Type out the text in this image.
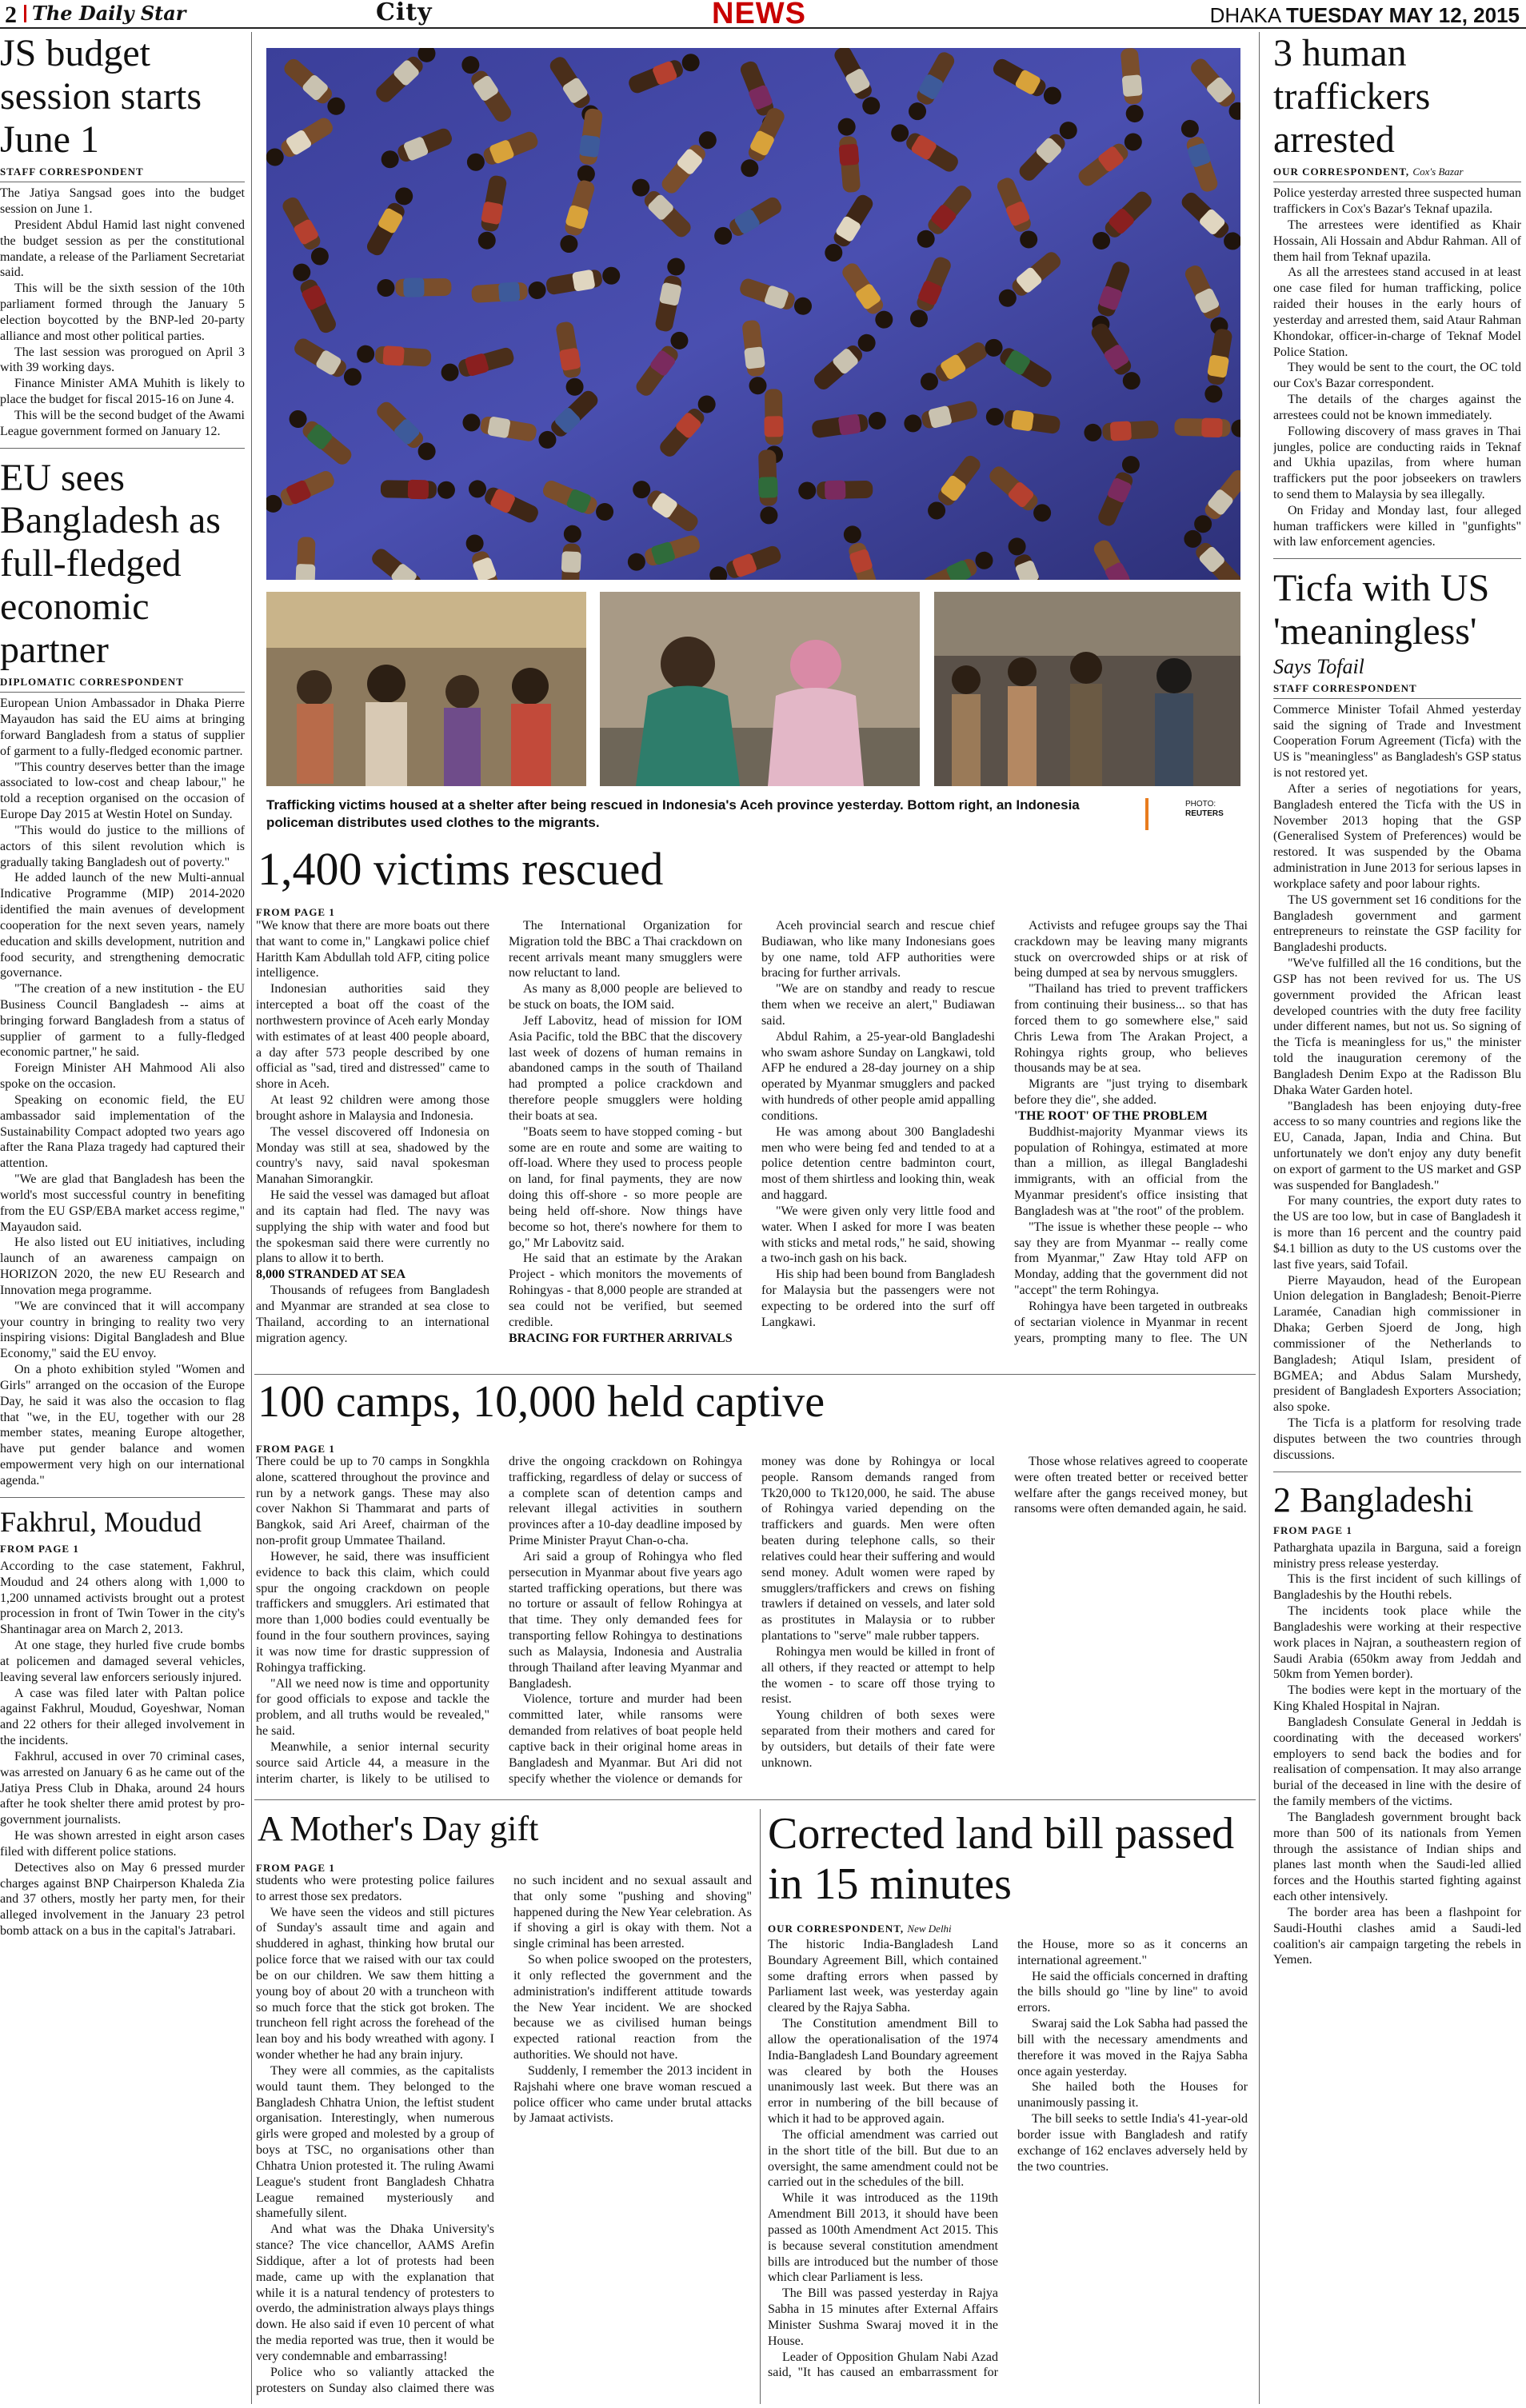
2 The Daily Star	City	NEWS	DHAKA TUESDAY MAY 12, 2015
JS budget session starts June 1
STAFF CORRESPONDENT

The Jatiya Sangsad goes into the budget session on June 1.

President Abdul Hamid last night convened the budget session as per the constitutional mandate, a release of the Parliament Secretariat said.

This will be the sixth session of the 10th parliament formed through the January 5 election boycotted by the BNP-led 20-party alliance and most other political parties.

The last session was prorogued on April 3 with 39 working days.

Finance Minister AMA Muhith is likely to place the budget for fiscal 2015-16 on June 4.

This will be the second budget of the Awami League government formed on January 12.

EU sees Bangladesh as full-fledged economic partner
DIPLOMATIC CORRESPONDENT

European Union Ambassador in Dhaka Pierre Mayaudon has said the EU aims at bringing forward Bangladesh from a status of supplier of garment to a fully-fledged economic partner.

"This country deserves better than the image associated to low-cost and cheap labour," he told a reception organised on the occasion of Europe Day 2015 at Westin Hotel on Sunday.

"This would do justice to the millions of actors of this silent revolution which is gradually taking Bangladesh out of poverty."

He added launch of the new Multi-annual Indicative Programme (MIP) 2014-2020 identified the main avenues of development cooperation for the next seven years, namely education and skills development, nutrition and food security, and strengthening democratic governance.

"The creation of a new institution - the EU Business Council Bangladesh -- aims at bringing forward Bangladesh from a status of supplier of garment to a fully-fledged economic partner," he said.

Foreign Minister AH Mahmood Ali also spoke on the occasion.

Speaking on economic field, the EU ambassador said implementation of the Sustainability Compact adopted two years ago after the Rana Plaza tragedy had captured their attention.

"We are glad that Bangladesh has been the world's most successful country in benefiting from the EU GSP/EBA market access regime," Mayaudon said.

He also listed out EU initiatives, including launch of an awareness campaign on HORIZON 2020, the new EU Research and Innovation mega programme.

"We are convinced that it will accompany your country in bringing to reality two very inspiring visions: Digital Bangladesh and Blue Economy," said the EU envoy.

On a photo exhibition styled "Women and Girls" arranged on the occasion of the Europe Day, he said it was also the occasion to flag that "we, in the EU, together with our 28 member states, meaning Europe altogether, have put gender balance and women empowerment very high on our international agenda."

Fakhrul, Moudud
FROM PAGE 1

According to the case statement, Fakhrul, Moudud and 24 others along with 1,000 to 1,200 unnamed activists brought out a protest procession in front of Twin Tower in the city's Shantinagar area on March 2, 2013.

At one stage, they hurled five crude bombs at policemen and damaged several vehicles, leaving several law enforcers seriously injured.

A case was filed later with Paltan police against Fakhrul, Moudud, Goyeshwar, Noman and 22 others for their alleged involvement in the incidents.

Fakhrul, accused in over 70 criminal cases, was arrested on January 6 as he came out of the Jatiya Press Club in Dhaka, around 24 hours after he took shelter there amid protest by pro-government journalists.

He was shown arrested in eight arson cases filed with different police stations.

Detectives also on May 6 pressed murder charges against BNP Chairperson Khaleda Zia and 37 others, mostly her party men, for their alleged involvement in the January 23 petrol bomb attack on a bus in the capital's Jatrabari.

Trafficking victims housed at a shelter after being rescued in Indonesia's Aceh province yesterday. Bottom right, an Indonesia policeman distributes used clothes to the migrants.
PHOTO:
REUTERS
1,400 victims rescued
FROM PAGE 1

"We know that there are more boats out there that want to come in," Langkawi police chief Haritth Kam Abdullah told AFP, citing police intelligence.

Indonesian authorities said they intercepted a boat off the coast of the northwestern province of Aceh early Monday with estimates of at least 400 people aboard, a day after 573 people described by one official as "sad, tired and distressed" came to shore in Aceh.

At least 92 children were among those brought ashore in Malaysia and Indonesia.

The vessel discovered off Indonesia on Monday was still at sea, shadowed by the country's navy, said naval spokesman Manahan Simorangkir.

He said the vessel was damaged but afloat and its captain had fled. The navy was supplying the ship with water and food but the spokesman said there were currently no plans to allow it to berth.

8,000 STRANDED AT SEA

Thousands of refugees from Bangladesh and Myanmar are stranded at sea close to Thailand, according to an international migration agency.

The International Organization for Migration told the BBC a Thai crackdown on recent arrivals meant many smugglers were now reluctant to land.

As many as 8,000 people are believed to be stuck on boats, the IOM said.

Jeff Labovitz, head of mission for IOM Asia Pacific, told the BBC that the discovery last week of dozens of human remains in abandoned camps in the south of Thailand had prompted a police crackdown and therefore people smugglers were holding their boats at sea.

"Boats seem to have stopped coming - but some are en route and some are waiting to off-load. Where they used to process people on land, for final payments, they are now doing this off-shore - so more people are being held off-shore. Now things have become so hot, there's nowhere for them to go," Mr Labovitz said.

He said that an estimate by the Arakan Project - which monitors the movements of Rohingyas - that 8,000 people are stranded at sea could not be verified, but seemed credible.

BRACING FOR FURTHER ARRIVALS

Aceh provincial search and rescue chief Budiawan, who like many Indonesians goes by one name, told AFP authorities were bracing for further arrivals.

"We are on standby and ready to rescue them when we receive an alert," Budiawan said.

Abdul Rahim, a 25-year-old Bangladeshi who swam ashore Sunday on Langkawi, told AFP he endured a 28-day journey on a ship operated by Myanmar smugglers and packed with hundreds of other people amid appalling conditions.

He was among about 300 Bangladeshi men who were being fed and tended to at a police detention centre badminton court, most of them shirtless and looking thin, weak and haggard.

"We were given only very little food and water. When I asked for more I was beaten with sticks and metal rods," he said, showing a two-inch gash on his back.

His ship had been bound from Bangladesh for Malaysia but the passengers were not expecting to be ordered into the surf off Langkawi.

Activists and refugee groups say the Thai crackdown may be leaving many migrants stuck on overcrowded ships or at risk of being dumped at sea by nervous smugglers.

"Thailand has tried to prevent traffickers from continuing their business... so that has forced them to go somewhere else," said Chris Lewa from The Arakan Project, a Rohingya rights group, who believes thousands may be at sea.

Migrants are "just trying to disembark before they die", she added.

'THE ROOT' OF THE PROBLEM

Buddhist-majority Myanmar views its population of Rohingya, estimated at more than a million, as illegal Bangladeshi immigrants, with an official from the Myanmar president's office insisting that Bangladesh was at "the root" of the problem.

"The issue is whether these people -- who say they are from Myanmar -- really come from Myanmar," Zaw Htay told AFP on Monday, adding that the government did not "accept" the term Rohingya.

Rohingya have been targeted in outbreaks of sectarian violence in Myanmar in recent years, prompting many to flee. The UN

100 camps, 10,000 held captive
FROM PAGE 1

There could be up to 70 camps in Songkhla alone, scattered throughout the province and run by a network gangs. These may also cover Nakhon Si Thammarat and parts of Bangkok, said Ari Areef, chairman of the non-profit group Ummatee Thailand.

However, he said, there was insufficient evidence to back this claim, which could spur the ongoing crackdown on people traffickers and smugglers. Ari estimated that more than 1,000 bodies could eventually be found in the four southern provinces, saying it was now time for drastic suppression of Rohingya trafficking.

"All we need now is time and opportunity for good officials to expose and tackle the problem, and all truths would be revealed," he said.

Meanwhile, a senior internal security source said Article 44, a measure in the interim charter, is likely to be utilised to drive the ongoing crackdown on Rohingya trafficking, regardless of delay or success of a complete scan of detention camps and relevant illegal activities in southern provinces after a 10-day deadline imposed by Prime Minister Prayut Chan-o-cha.

Ari said a group of Rohingya who fled persecution in Myanmar about five years ago started trafficking operations, but there was no torture or assault of fellow Rohingya at that time. They only demanded fees for transporting fellow Rohingya to destinations such as Malaysia, Indonesia and Australia through Thailand after leaving Myanmar and Bangladesh.

Violence, torture and murder had been committed later, while ransoms were demanded from relatives of boat people held captive back in their original home areas in Bangladesh and Myanmar. But Ari did not specify whether the violence or demands for money was done by Rohingya or local people. Ransom demands ranged from Tk20,000 to Tk120,000, he said. The abuse of Rohingya varied depending on the traffickers and guards. Men were often beaten during telephone calls, so their relatives could hear their suffering and would send money. Adult women were raped by smugglers/traffickers and crews on fishing trawlers if detained on vessels, and later sold as prostitutes in Malaysia or to rubber plantations to "serve" male rubber tappers.

Rohingya men would be killed in front of all others, if they reacted or attempt to help the women - to scare off those trying to resist.

Young children of both sexes were separated from their mothers and cared for by outsiders, but details of their fate were unknown.

Those whose relatives agreed to cooperate were often treated better or received better welfare after the gangs received money, but ransoms were often demanded again, he said.

A Mother's Day gift
FROM PAGE 1

students who were protesting police failures to arrest those sex predators.

We have seen the videos and still pictures of Sunday's assault time and again and shuddered in aghast, thinking how brutal our police force that we raised with our tax could be on our children. We saw them hitting a young boy of about 20 with a truncheon with so much force that the stick got broken. The truncheon fell right across the forehead of the lean boy and his body wreathed with agony. I wonder whether he had any brain injury.

They were all commies, as the capitalists would taunt them. They belonged to the Bangladesh Chhatra Union, the leftist student organisation. Interestingly, when numerous girls were groped and molested by a group of boys at TSC, no organisations other than Chhatra Union protested it. The ruling Awami League's student front Bangladesh Chhatra League remained mysteriously and shamefully silent.

And what was the Dhaka University's stance? The vice chancellor, AAMS Arefin Siddique, after a lot of protests had been made, came up with the explanation that while it is a natural tendency of protesters to overdo, the administration always plays things down. He also said if even 10 percent of what the media reported was true, then it would be very condemnable and embarrassing!

Police who so valiantly attacked the protesters on Sunday also claimed there was no such incident and no sexual assault and that only some "pushing and shoving" happened during the New Year celebration. As if shoving a girl is okay with them. Not a single criminal has been arrested.

So when police swooped on the protesters, it only reflected the government and the administration's indifferent attitude towards the New Year incident. We are shocked because we as civilised human beings expected rational reaction from the authorities. We should not have.

Suddenly, I remember the 2013 incident in Rajshahi where one brave woman rescued a police officer who came under brutal attacks by Jamaat activists.

Corrected land bill passed in 15 minutes
OUR CORRESPONDENT, New Delhi

The historic India-Bangladesh Land Boundary Agreement Bill, which contained some drafting errors when passed by Parliament last week, was yesterday again cleared by the Rajya Sabha.

The Constitution amendment Bill to allow the operationalisation of the 1974 India-Bangladesh Land Boundary agreement was cleared by both the Houses unanimously last week. But there was an error in numbering of the bill because of which it had to be approved again.

The official amendment was carried out in the short title of the bill. But due to an oversight, the same amendment could not be carried out in the schedules of the bill.

While it was introduced as the 119th Amendment Bill 2013, it should have been passed as 100th Amendment Act 2015. This is because several constitution amendment bills are introduced but the number of those which clear Parliament is less.

The Bill was passed yesterday in Rajya Sabha in 15 minutes after External Affairs Minister Sushma Swaraj moved it in the House.

Leader of Opposition Ghulam Nabi Azad said, "It has caused an embarrassment for the House, more so as it concerns an international agreement."

He said the officials concerned in drafting the bills should go "line by line" to avoid errors.

Swaraj said the Lok Sabha had passed the bill with the necessary amendments and therefore it was moved in the Rajya Sabha once again yesterday.

She hailed both the Houses for unanimously passing it.

The bill seeks to settle India's 41-year-old border issue with Bangladesh and ratify exchange of 162 enclaves adversely held by the two countries.

3 human traffickers arrested
OUR CORRESPONDENT, Cox's Bazar

Police yesterday arrested three suspected human traffickers in Cox's Bazar's Teknaf upazila.

The arrestees were identified as Khair Hossain, Ali Hossain and Abdur Rahman. All of them hail from Teknaf upazila.

As all the arrestees stand accused in at least one case filed for human trafficking, police raided their houses in the early hours of yesterday and arrested them, said Ataur Rahman Khondokar, officer-in-charge of Teknaf Model Police Station.

They would be sent to the court, the OC told our Cox's Bazar correspondent.

The details of the charges against the arrestees could not be known immediately.

Following discovery of mass graves in Thai jungles, police are conducting raids in Teknaf and Ukhia upazilas, from where human traffickers put the poor jobseekers on trawlers to send them to Malaysia by sea illegally.

On Friday and Monday last, four alleged human traffickers were killed in "gunfights" with law enforcement agencies.

Ticfa with US 'meaningless'
Says Tofail
STAFF CORRESPONDENT

Commerce Minister Tofail Ahmed yesterday said the signing of Trade and Investment Cooperation Forum Agreement (Ticfa) with the US is "meaningless" as Bangladesh's GSP status is not restored yet.

After a series of negotiations for years, Bangladesh entered the Ticfa with the US in November 2013 hoping that the GSP (Generalised System of Preferences) would be restored. It was suspended by the Obama administration in June 2013 for serious lapses in workplace safety and poor labour rights.

The US government set 16 conditions for the Bangladesh government and garment entrepreneurs to reinstate the GSP facility for Bangladeshi products.

"We've fulfilled all the 16 conditions, but the GSP has not been revived for us. The US government provided the African least developed countries with the duty free facility under different names, but not us. So signing of the Ticfa is meaningless for us," the minister told the inauguration ceremony of the Bangladesh Denim Expo at the Radisson Blu Dhaka Water Garden hotel.

"Bangladesh has been enjoying duty-free access to so many countries and regions like the EU, Canada, Japan, India and China. But unfortunately we don't enjoy any duty benefit on export of garment to the US market and GSP was suspended for Bangladesh."

For many countries, the export duty rates to the US are too low, but in case of Bangladesh it is more than 16 percent and the country paid $4.1 billion as duty to the US customs over the last five years, said Tofail.

Pierre Mayaudon, head of the European Union delegation in Bangladesh; Benoit-Pierre Laramée, Canadian high commissioner in Dhaka; Gerben Sjoerd de Jong, high commissioner of the Netherlands to Bangladesh; Atiqul Islam, president of BGMEA; and Abdus Salam Murshedy, president of Bangladesh Exporters Association; also spoke.

The Ticfa is a platform for resolving trade disputes between the two countries through discussions.

2 Bangladeshi
FROM PAGE 1

Patharghata upazila in Barguna, said a foreign ministry press release yesterday.

This is the first incident of such killings of Bangladeshis by the Houthi rebels.

The incidents took place while the Bangladeshis were working at their respective work places in Najran, a southeastern region of Saudi Arabia (650km away from Jeddah and 50km from Yemen border).

The bodies were kept in the mortuary of the King Khaled Hospital in Najran.

Bangladesh Consulate General in Jeddah is coordinating with the deceased workers' employers to send back the bodies and for realisation of compensation. It may also arrange burial of the deceased in line with the desire of the family members of the victims.

The Bangladesh government brought back more than 500 of its nationals from Yemen through the assistance of Indian ships and planes last month when the Saudi-led allied forces and the Houthis started fighting against each other intensively.

The border area has been a flashpoint for Saudi-Houthi clashes amid a Saudi-led coalition's air campaign targeting the rebels in Yemen.
